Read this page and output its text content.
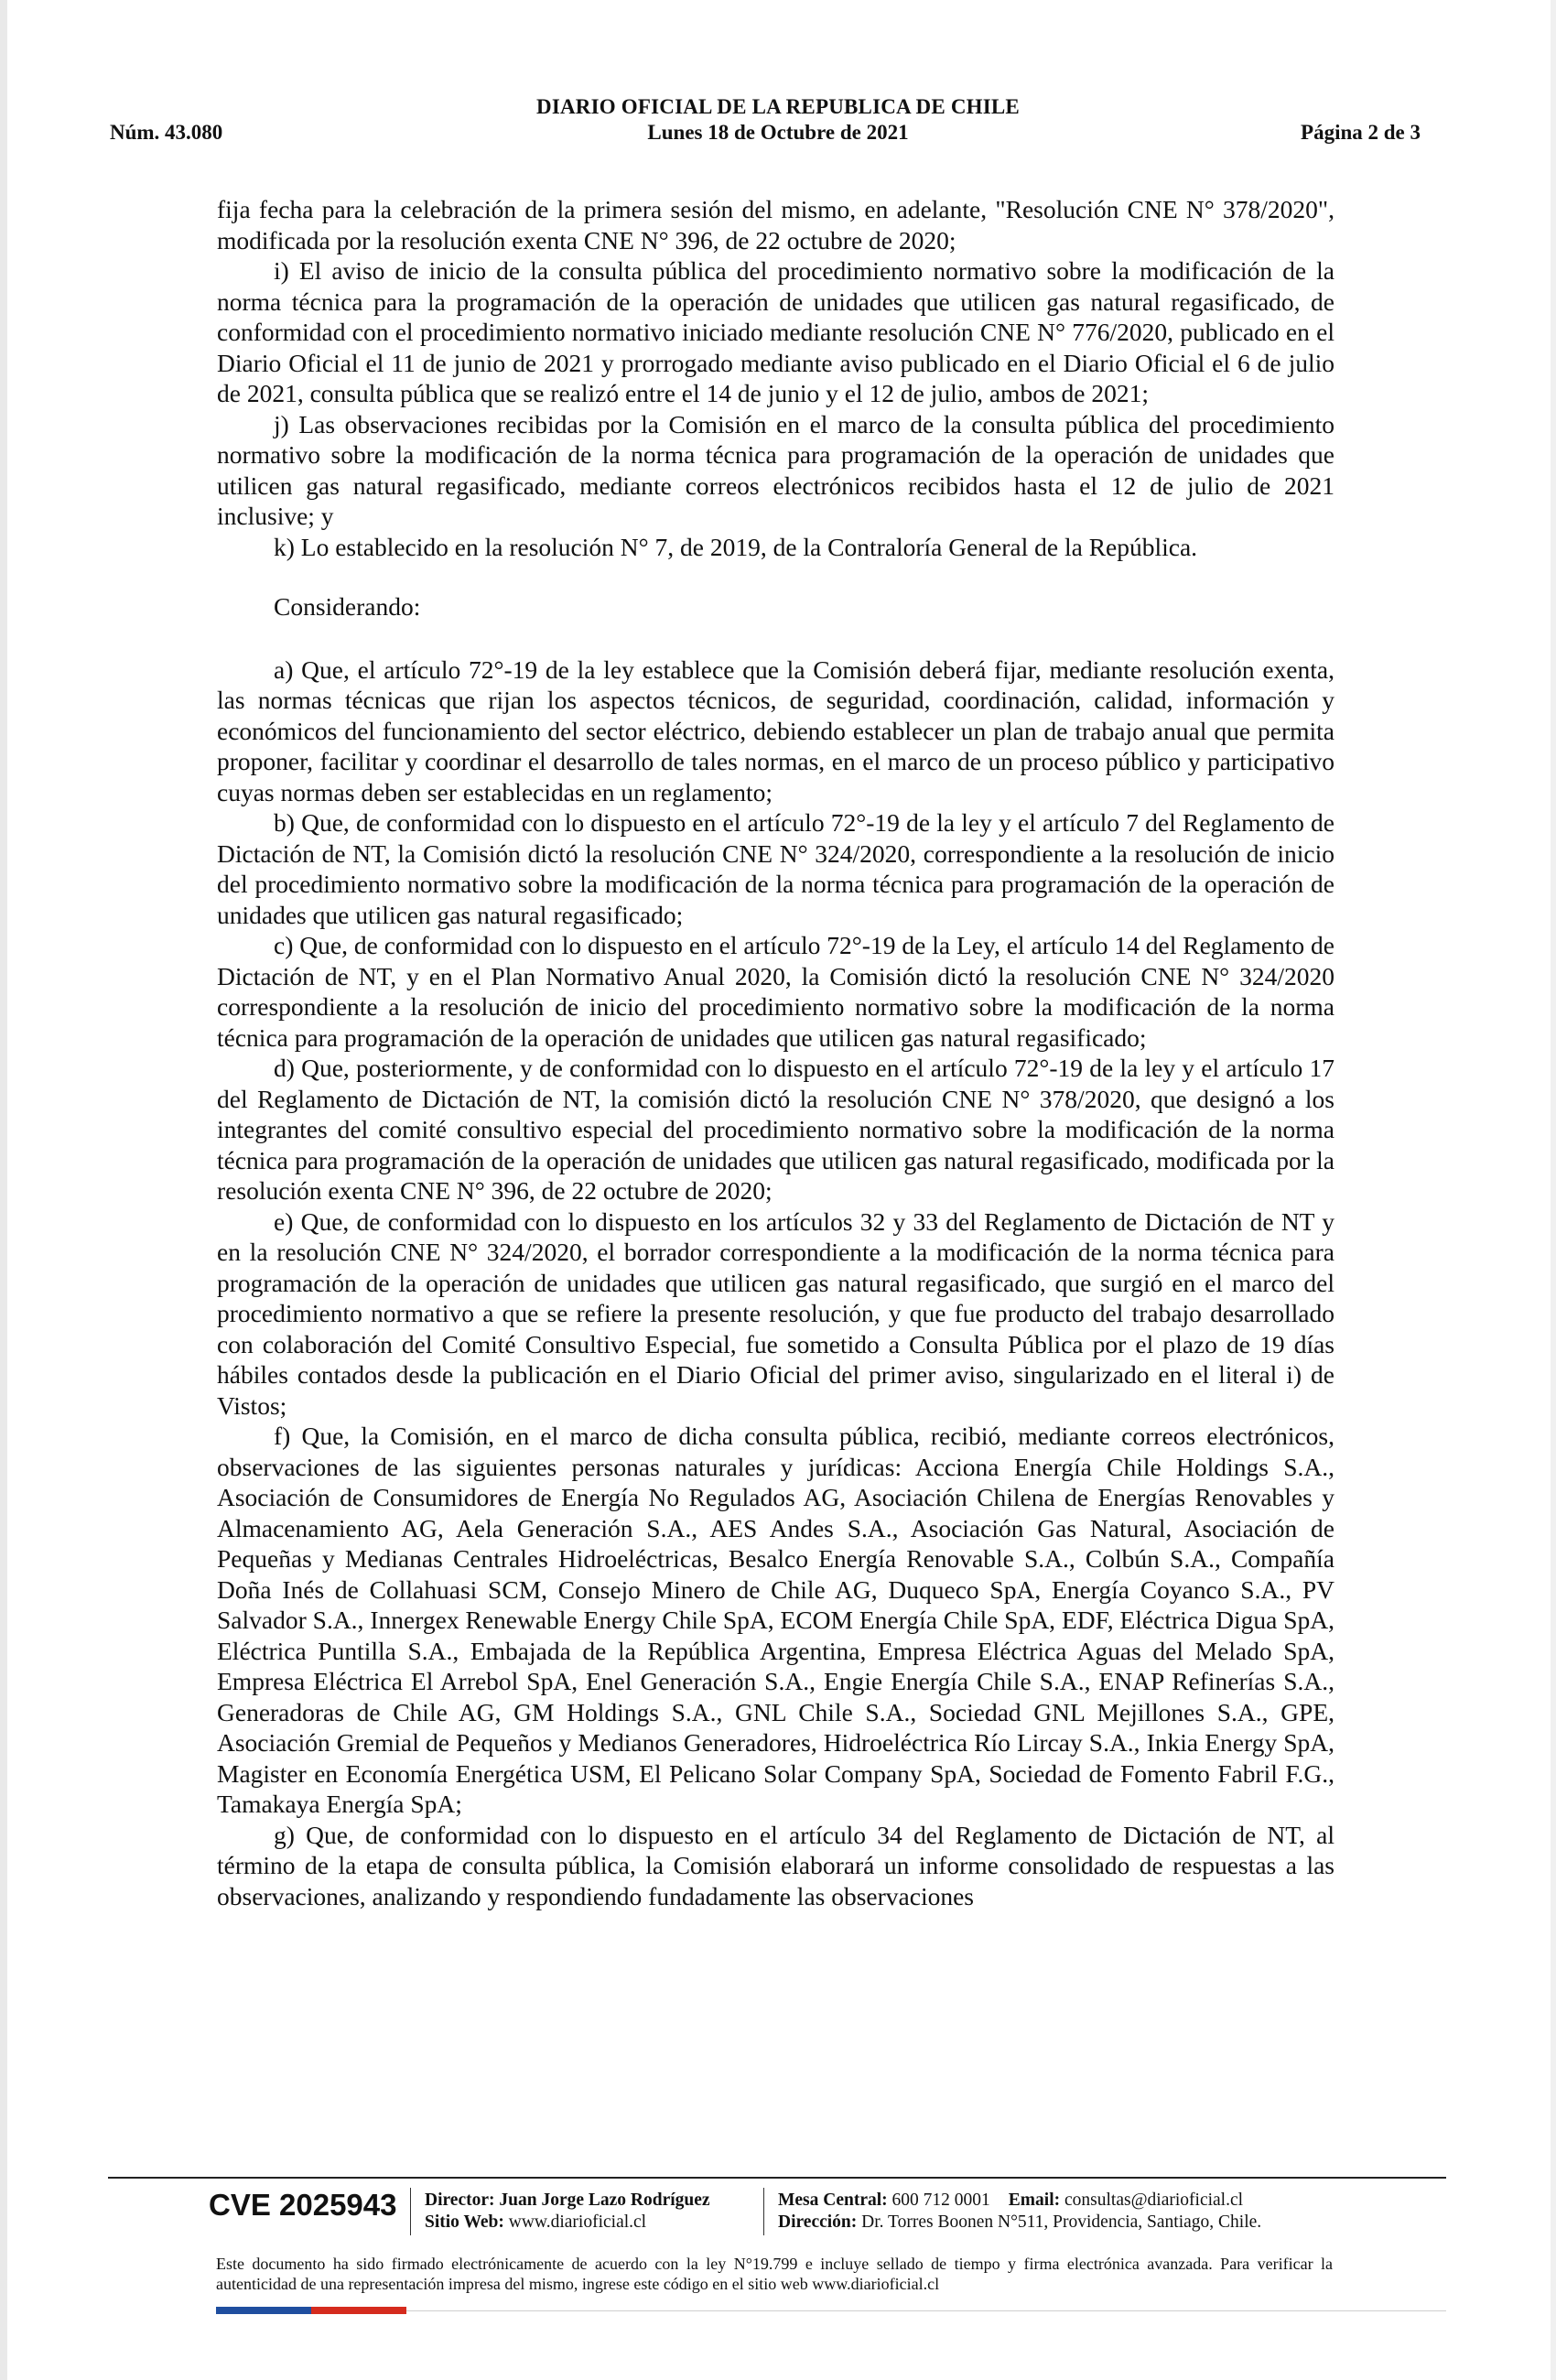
DIARIO OFICIAL DE LA REPUBLICA DE CHILE
Núm. 43.080	Lunes 18 de Octubre de 2021	Página 2 de 3

fija fecha para la celebración de la primera sesión del mismo, en adelante, "Resolución CNE N° 378/2020", modificada por la resolución exenta CNE N° 396, de 22 octubre de 2020;

i) El aviso de inicio de la consulta pública del procedimiento normativo sobre la modificación de la norma técnica para la programación de la operación de unidades que utilicen gas natural regasificado, de conformidad con el procedimiento normativo iniciado mediante resolución CNE N° 776/2020, publicado en el Diario Oficial el 11 de junio de 2021 y prorrogado mediante aviso publicado en el Diario Oficial el 6 de julio de 2021, consulta pública que se realizó entre el 14 de junio y el 12 de julio, ambos de 2021;

j) Las observaciones recibidas por la Comisión en el marco de la consulta pública del procedimiento normativo sobre la modificación de la norma técnica para programación de la operación de unidades que utilicen gas natural regasificado, mediante correos electrónicos recibidos hasta el 12 de julio de 2021 inclusive; y

k) Lo establecido en la resolución N° 7, de 2019, de la Contraloría General de la República.

Considerando:

a) Que, el artículo 72°-19 de la ley establece que la Comisión deberá fijar, mediante resolución exenta, las normas técnicas que rijan los aspectos técnicos, de seguridad, coordinación, calidad, información y económicos del funcionamiento del sector eléctrico, debiendo establecer un plan de trabajo anual que permita proponer, facilitar y coordinar el desarrollo de tales normas, en el marco de un proceso público y participativo cuyas normas deben ser establecidas en un reglamento;

b) Que, de conformidad con lo dispuesto en el artículo 72°-19 de la ley y el artículo 7 del Reglamento de Dictación de NT, la Comisión dictó la resolución CNE N° 324/2020, correspondiente a la resolución de inicio del procedimiento normativo sobre la modificación de la norma técnica para programación de la operación de unidades que utilicen gas natural regasificado;

c) Que, de conformidad con lo dispuesto en el artículo 72°-19 de la Ley, el artículo 14 del Reglamento de Dictación de NT, y en el Plan Normativo Anual 2020, la Comisión dictó la resolución CNE N° 324/2020 correspondiente a la resolución de inicio del procedimiento normativo sobre la modificación de la norma técnica para programación de la operación de unidades que utilicen gas natural regasificado;

d) Que, posteriormente, y de conformidad con lo dispuesto en el artículo 72°-19 de la ley y el artículo 17 del Reglamento de Dictación de NT, la comisión dictó la resolución CNE N° 378/2020, que designó a los integrantes del comité consultivo especial del procedimiento normativo sobre la modificación de la norma técnica para programación de la operación de unidades que utilicen gas natural regasificado, modificada por la resolución exenta CNE N° 396, de 22 octubre de 2020;

e) Que, de conformidad con lo dispuesto en los artículos 32 y 33 del Reglamento de Dictación de NT y en la resolución CNE N° 324/2020, el borrador correspondiente a la modificación de la norma técnica para programación de la operación de unidades que utilicen gas natural regasificado, que surgió en el marco del procedimiento normativo a que se refiere la presente resolución, y que fue producto del trabajo desarrollado con colaboración del Comité Consultivo Especial, fue sometido a Consulta Pública por el plazo de 19 días hábiles contados desde la publicación en el Diario Oficial del primer aviso, singularizado en el literal i) de Vistos;

f) Que, la Comisión, en el marco de dicha consulta pública, recibió, mediante correos electrónicos, observaciones de las siguientes personas naturales y jurídicas: Acciona Energía Chile Holdings S.A., Asociación de Consumidores de Energía No Regulados AG, Asociación Chilena de Energías Renovables y Almacenamiento AG, Aela Generación S.A., AES Andes S.A., Asociación Gas Natural, Asociación de Pequeñas y Medianas Centrales Hidroeléctricas, Besalco Energía Renovable S.A., Colbún S.A., Compañía Doña Inés de Collahuasi SCM, Consejo Minero de Chile AG, Duqueco SpA, Energía Coyanco S.A., PV Salvador S.A., Innergex Renewable Energy Chile SpA, ECOM Energía Chile SpA, EDF, Eléctrica Digua SpA, Eléctrica Puntilla S.A., Embajada de la República Argentina, Empresa Eléctrica Aguas del Melado SpA, Empresa Eléctrica El Arrebol SpA, Enel Generación S.A., Engie Energía Chile S.A., ENAP Refinerías S.A., Generadoras de Chile AG, GM Holdings S.A., GNL Chile S.A., Sociedad GNL Mejillones S.A., GPE, Asociación Gremial de Pequeños y Medianos Generadores, Hidroeléctrica Río Lircay S.A., Inkia Energy SpA, Magister en Economía Energética USM, El Pelicano Solar Company SpA, Sociedad de Fomento Fabril F.G., Tamakaya Energía SpA;

g) Que, de conformidad con lo dispuesto en el artículo 34 del Reglamento de Dictación de NT, al término de la etapa de consulta pública, la Comisión elaborará un informe consolidado de respuestas a las observaciones, analizando y respondiendo fundadamente las observaciones

CVE 2025943 Director: Juan Jorge Lazo Rodríguez
Sitio Web: www.diarioficial.cl
Mesa Central: 600 712 0001 Email: consultas@diarioficial.cl
Dirección: Dr. Torres Boonen N°511, Providencia, Santiago, Chile.

Este documento ha sido firmado electrónicamente de acuerdo con la ley N°19.799 e incluye sellado de tiempo y firma electrónica avanzada. Para verificar la autenticidad de una representación impresa del mismo, ingrese este código en el sitio web www.diarioficial.cl
